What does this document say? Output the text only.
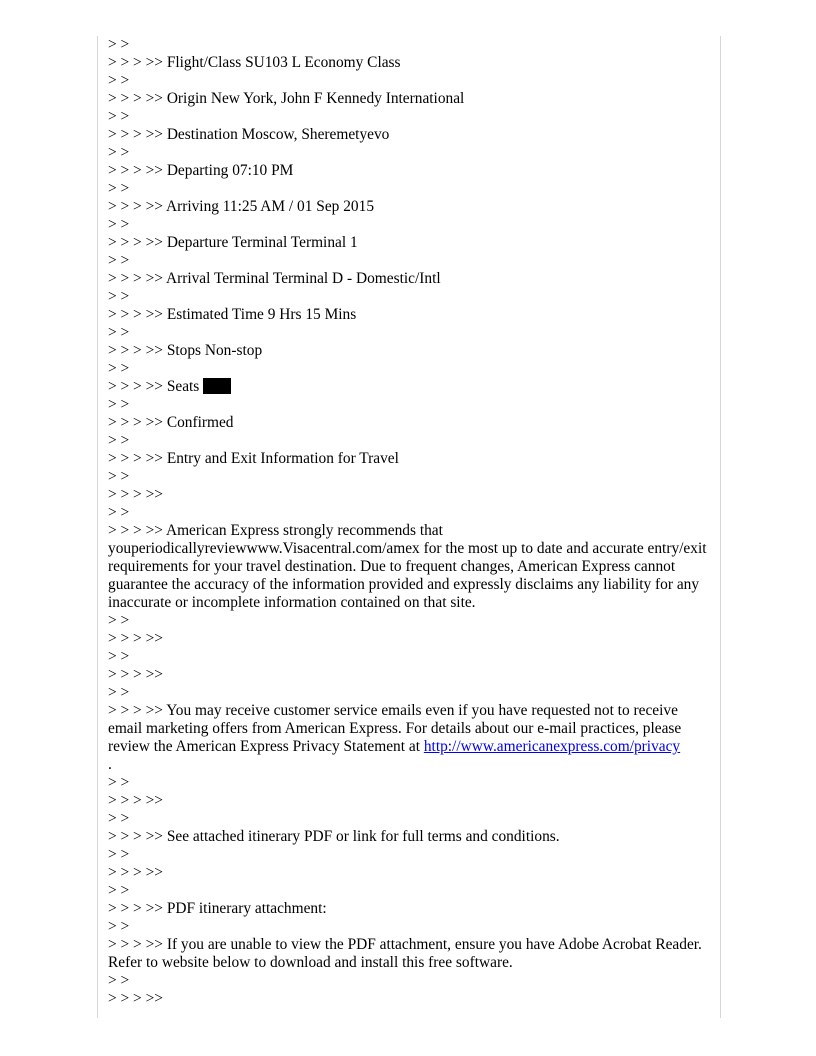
> >
> > > >> Flight/Class SU103 L Economy Class
> >
> > > >> Origin New York, John F Kennedy International
> >
> > > >> Destination Moscow, Sheremetyevo
> >
> > > >> Departing 07:10 PM
> >
> > > >> Arriving 11:25 AM / 01 Sep 2015
> >
> > > >> Departure Terminal Terminal 1
> >
> > > >> Arrival Terminal Terminal D - Domestic/Intl
> >
> > > >> Estimated Time 9 Hrs 15 Mins
> >
> > > >> Stops Non-stop
> >
> > > >> Seats
> >
> > > >> Confirmed
> >
> > > >> Entry and Exit Information for Travel
> >
> > > >>
> >
> > > >> American Express strongly recommends that youperiodicallyreviewwww.Visacentral.com/amex for the most up to date and accurate entry/exit requirements for your travel destination. Due to frequent changes, American Express cannot guarantee the accuracy of the information provided and expressly disclaims any liability for any inaccurate or incomplete information contained on that site.
> >
> > > >>
> >
> > > >>
> >
> > > >> You may receive customer service emails even if you have requested not to receive email marketing offers from American Express. For details about our e-mail practices, please review the American Express Privacy Statement at http://www.americanexpress.com/privacy
.
> >
> > > >>
> >
> > > >> See attached itinerary PDF or link for full terms and conditions.
> >
> > > >>
> >
> > > >> PDF itinerary attachment:
> >
> > > >> If you are unable to view the PDF attachment, ensure you have Adobe Acrobat Reader. Refer to website below to download and install this free software.
> >
> > > >>
